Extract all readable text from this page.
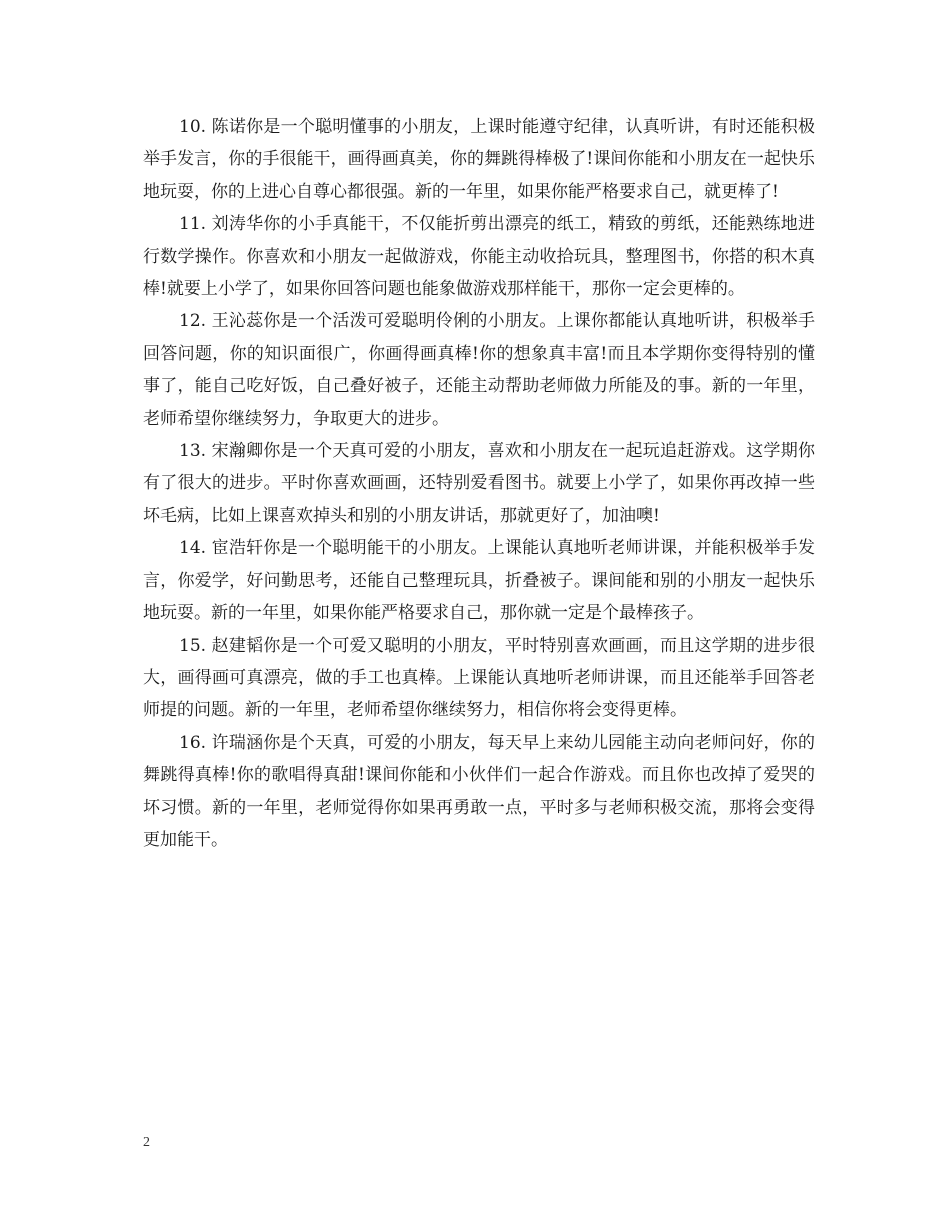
10. 陈诺你是一个聪明懂事的小朋友，上课时能遵守纪律，认真听讲，有时还能积极举手发言，你的手很能干，画得画真美，你的舞跳得棒极了!课间你能和小朋友在一起快乐地玩耍，你的上进心自尊心都很强。新的一年里，如果你能严格要求自己，就更棒了!

11. 刘涛华你的小手真能干，不仅能折剪出漂亮的纸工，精致的剪纸，还能熟练地进行数学操作。你喜欢和小朋友一起做游戏，你能主动收拾玩具，整理图书，你搭的积木真棒!就要上小学了，如果你回答问题也能象做游戏那样能干，那你一定会更棒的。

12. 王沁蕊你是一个活泼可爱聪明伶俐的小朋友。上课你都能认真地听讲，积极举手回答问题，你的知识面很广，你画得画真棒!你的想象真丰富!而且本学期你变得特别的懂事了，能自己吃好饭，自己叠好被子，还能主动帮助老师做力所能及的事。新的一年里，老师希望你继续努力，争取更大的进步。

13. 宋瀚卿你是一个天真可爱的小朋友，喜欢和小朋友在一起玩追赶游戏。这学期你有了很大的进步。平时你喜欢画画，还特别爱看图书。就要上小学了，如果你再改掉一些坏毛病，比如上课喜欢掉头和别的小朋友讲话，那就更好了，加油噢!

14. 宦浩轩你是一个聪明能干的小朋友。上课能认真地听老师讲课，并能积极举手发言，你爱学，好问勤思考，还能自己整理玩具，折叠被子。课间能和别的小朋友一起快乐地玩耍。新的一年里，如果你能严格要求自己，那你就一定是个最棒孩子。

15. 赵建韬你是一个可爱又聪明的小朋友，平时特别喜欢画画，而且这学期的进步很大，画得画可真漂亮，做的手工也真棒。上课能认真地听老师讲课，而且还能举手回答老师提的问题。新的一年里，老师希望你继续努力，相信你将会变得更棒。

16. 许瑞涵你是个天真，可爱的小朋友，每天早上来幼儿园能主动向老师问好，你的舞跳得真棒!你的歌唱得真甜!课间你能和小伙伴们一起合作游戏。而且你也改掉了爱哭的坏习惯。新的一年里，老师觉得你如果再勇敢一点，平时多与老师积极交流，那将会变得更加能干。

2
